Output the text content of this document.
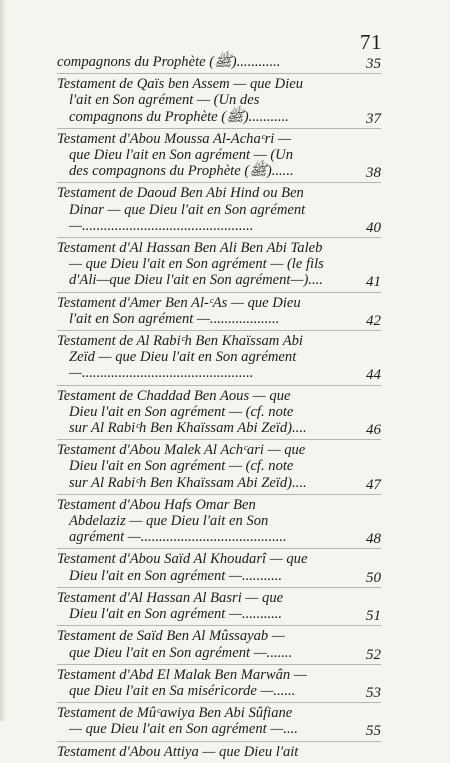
71
compagnons du Prophète (ﷺ)............	35
Testament de Qaïs ben Assem — que Dieu
l'ait en Son agrément — (Un des
compagnons du Prophète (ﷺ)...........	37
Testament d'Abou Moussa Al-Achaᶜri —
que Dieu l'ait en Son agrément — (Un
des compagnons du Prophète (ﷺ)......	38
Testament de Daoud Ben Abi Hind ou Ben
Dinar — que Dieu l'ait en Son agrément
—...............................................	40
Testament d'Al Hassan Ben Ali Ben Abi Taleb
— que Dieu l'ait en Son agrément — (le fils
d'Ali—que Dieu l'ait en Son agrément—)....	41
Testament d'Amer Ben Al-ᶜAs — que Dieu
l'ait en Son agrément —...................	42
Testament de Al Rabiᶜh Ben Khaïssam Abi
Zeïd — que Dieu l'ait en Son agrément
—...............................................	44
Testament de Chaddad Ben Aous — que
Dieu l'ait en Son agrément — (cf. note
sur Al Rabiᶜh Ben Khaïssam Abi Zeïd)....	46
Testament d'Abou Malek Al Achᶜari — que
Dieu l'ait en Son agrément — (cf. note
sur Al Rabiᶜh Ben Khaïssam Abi Zeïd)....	47
Testament d'Abou Hafs Omar Ben
Abdelaziz — que Dieu l'ait en Son
agrément —........................................	48
Testament d'Abou Saïd Al Khoudarî — que
Dieu l'ait en Son agrément —...........	50
Testament d'Al Hassan Al Basri — que
Dieu l'ait en Son agrément —...........	51
Testament de Saïd Ben Al Mûssayab —
que Dieu l'ait en Son agrément —.......	52
Testament d'Abd El Malak Ben Marwân —
que Dieu l'ait en Sa miséricorde —......	53
Testament de Mûᶜawiya Ben Abi Sûfiane
— que Dieu l'ait en Son agrément —....	55
Testament d'Abou Attiya — que Dieu l'ait
